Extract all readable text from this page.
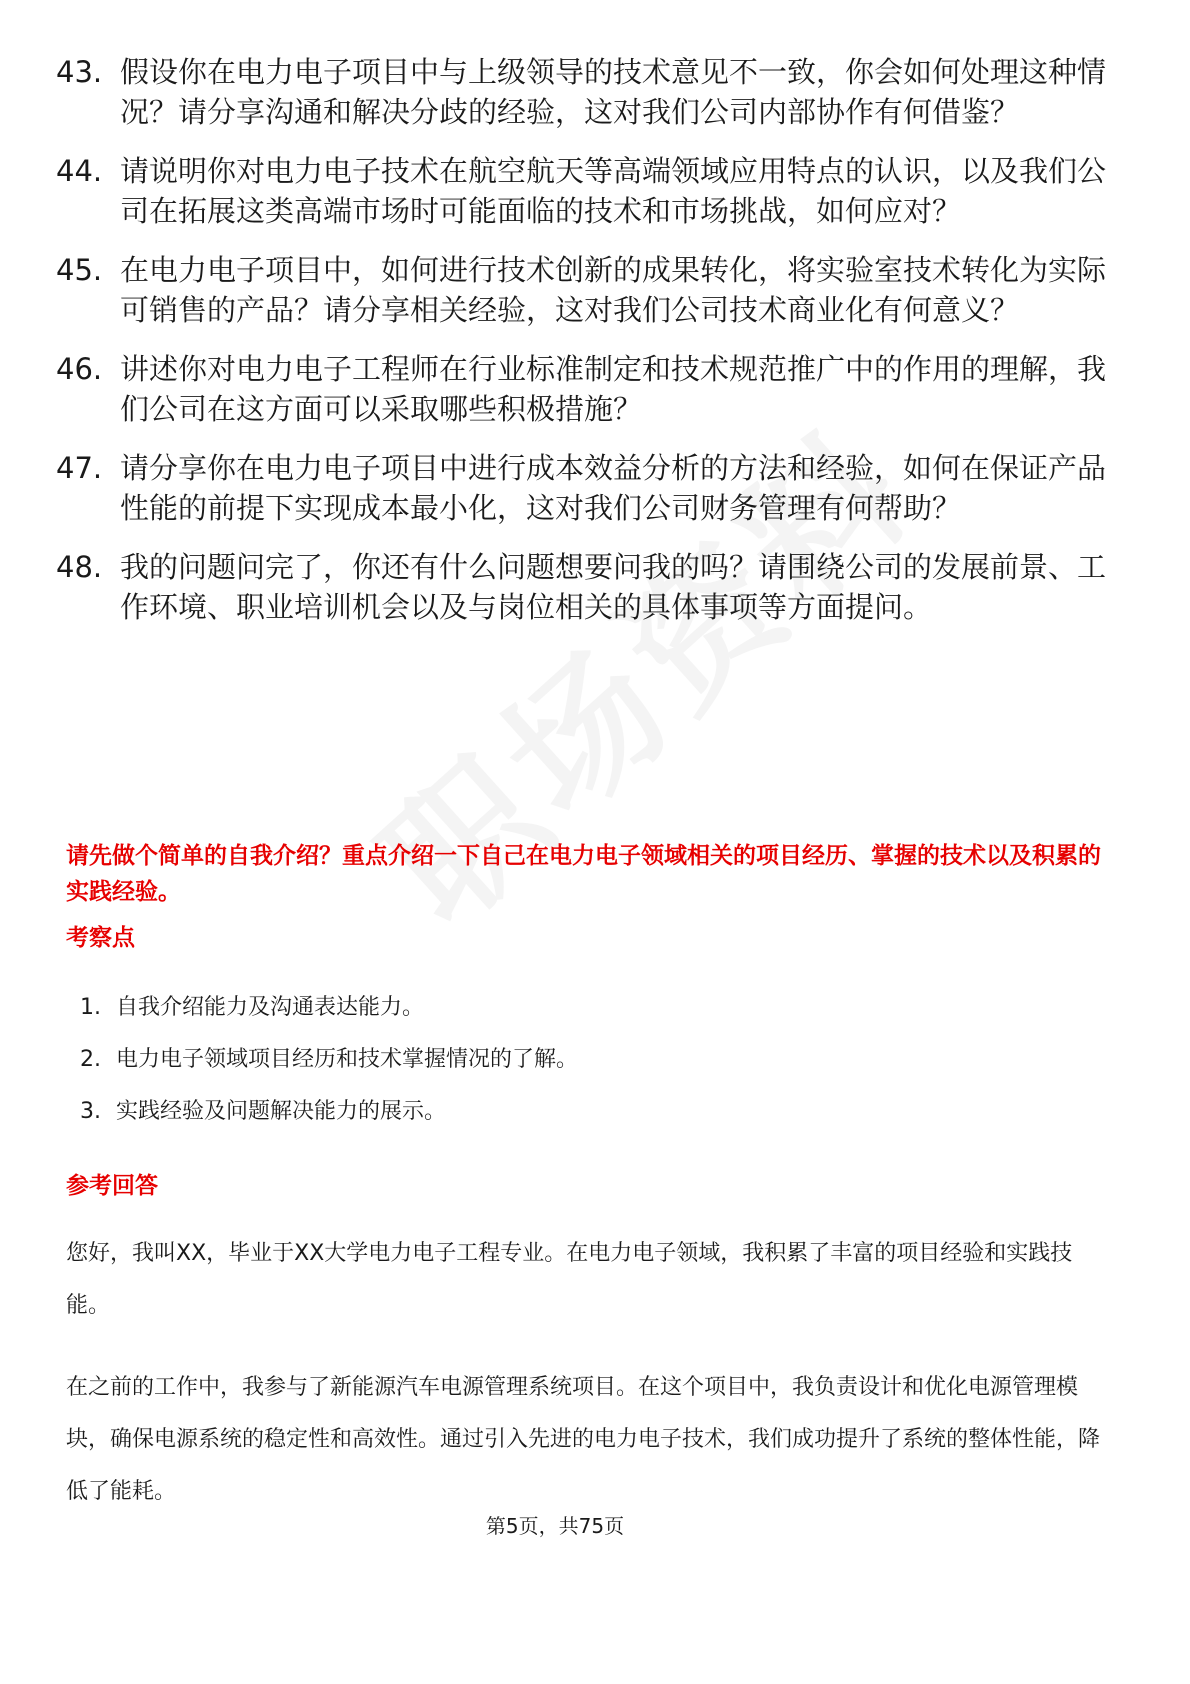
43. 假设你在电力电子项目中与上级领导的技术意见不一致，你会如何处理这种情况？请分享沟通和解决分歧的经验，这对我们公司内部协作有何借鉴？
44. 请说明你对电力电子技术在航空航天等高端领域应用特点的认识，以及我们公司在拓展这类高端市场时可能面临的技术和市场挑战，如何应对？
45. 在电力电子项目中，如何进行技术创新的成果转化，将实验室技术转化为实际可销售的产品？请分享相关经验，这对我们公司技术商业化有何意义？
46. 讲述你对电力电子工程师在行业标准制定和技术规范推广中的作用的理解，我们公司在这方面可以采取哪些积极措施？
47. 请分享你在电力电子项目中进行成本效益分析的方法和经验，如何在保证产品性能的前提下实现成本最小化，这对我们公司财务管理有何帮助？
48. 我的问题问完了，你还有什么问题想要问我的吗？请围绕公司的发展前景、工作环境、职业培训机会以及与岗位相关的具体事项等方面提问。
请先做个简单的自我介绍？重点介绍一下自己在电力电子领域相关的项目经历、掌握的技术以及积累的实践经验。
考察点
1. 自我介绍能力及沟通表达能力。
2. 电力电子领域项目经历和技术掌握情况的了解。
3. 实践经验及问题解决能力的展示。
参考回答
您好，我叫XX，毕业于XX大学电力电子工程专业。在电力电子领域，我积累了丰富的项目经验和实践技能。
在之前的工作中，我参与了新能源汽车电源管理系统项目。在这个项目中，我负责设计和优化电源管理模块，确保电源系统的稳定性和高效性。通过引入先进的电力电子技术，我们成功提升了系统的整体性能，降低了能耗。
第5页，共75页
